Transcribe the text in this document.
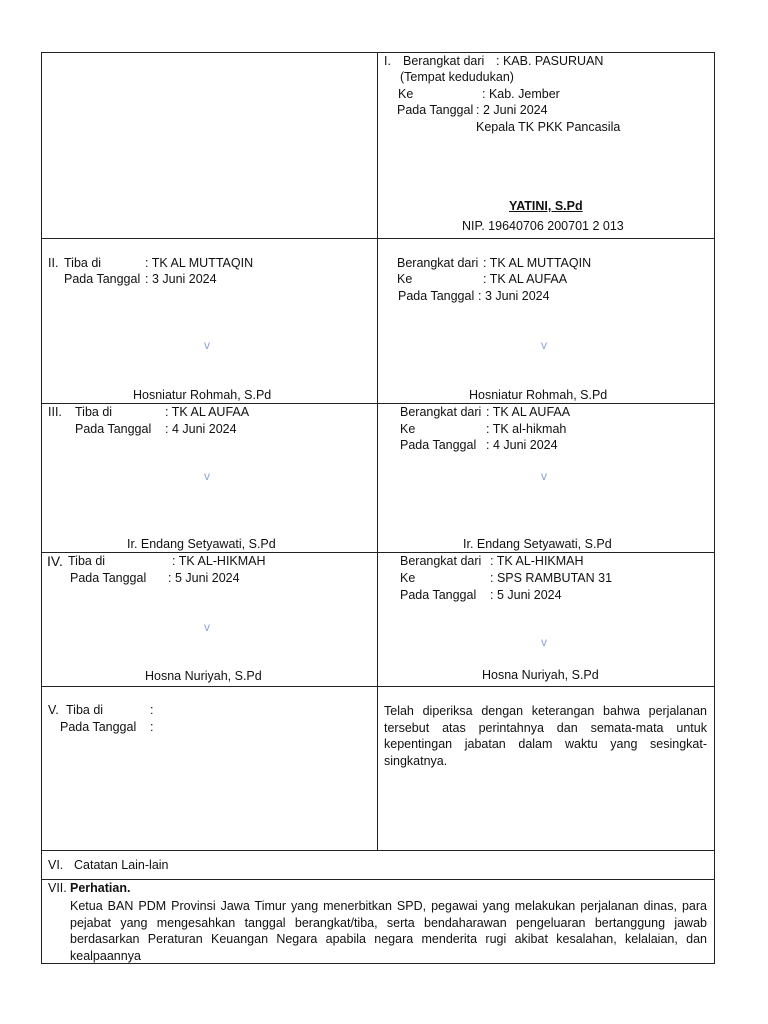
I. Berangkat dari : KAB. PASURUAN
(Tempat kedudukan)
Ke	: Kab. Jember
Pada Tanggal : 2 Juni 2024
Kepala TK PKK Pancasila
YATINI, S.Pd
NIP. 19640706 200701 2 013
II. Tiba di	: TK AL MUTTAQIN
Pada Tanggal : 3 Juni 2024
v
Hosniatur Rohmah, S.Pd
Berangkat dari : TK AL MUTTAQIN
Ke	: TK AL AUFAA
Pada Tanggal : 3 Juni 2024
v
Hosniatur Rohmah, S.Pd
III. Tiba di	: TK AL AUFAA
Pada Tanggal : 4 Juni 2024
v
Ir. Endang Setyawati, S.Pd
Berangkat dari : TK AL AUFAA
Ke	: TK al-hikmah
Pada Tanggal : 4 Juni 2024
v
Ir. Endang Setyawati, S.Pd
IV. Tiba di	: TK AL-HIKMAH
Pada Tanggal : 5 Juni 2024
v
Hosna Nuriyah, S.Pd
Berangkat dari : TK AL-HIKMAH
Ke	: SPS RAMBUTAN 31
Pada Tanggal : 5 Juni 2024
v
Hosna Nuriyah, S.Pd
V. Tiba di	:
Pada Tanggal :
Telah diperiksa dengan keterangan bahwa perjalanan tersebut atas perintahnya dan semata-mata untuk kepentingan jabatan dalam waktu yang sesingkat-singkatnya.
VI. Catatan Lain-lain
VII. Perhatian.
Ketua BAN PDM Provinsi Jawa Timur yang menerbitkan SPD, pegawai yang melakukan perjalanan dinas, para pejabat yang mengesahkan tanggal berangkat/tiba, serta bendaharawan pengeluaran bertanggung jawab berdasarkan Peraturan Keuangan Negara apabila negara menderita rugi akibat kesalahan, kelalaian, dan kealpaannya
